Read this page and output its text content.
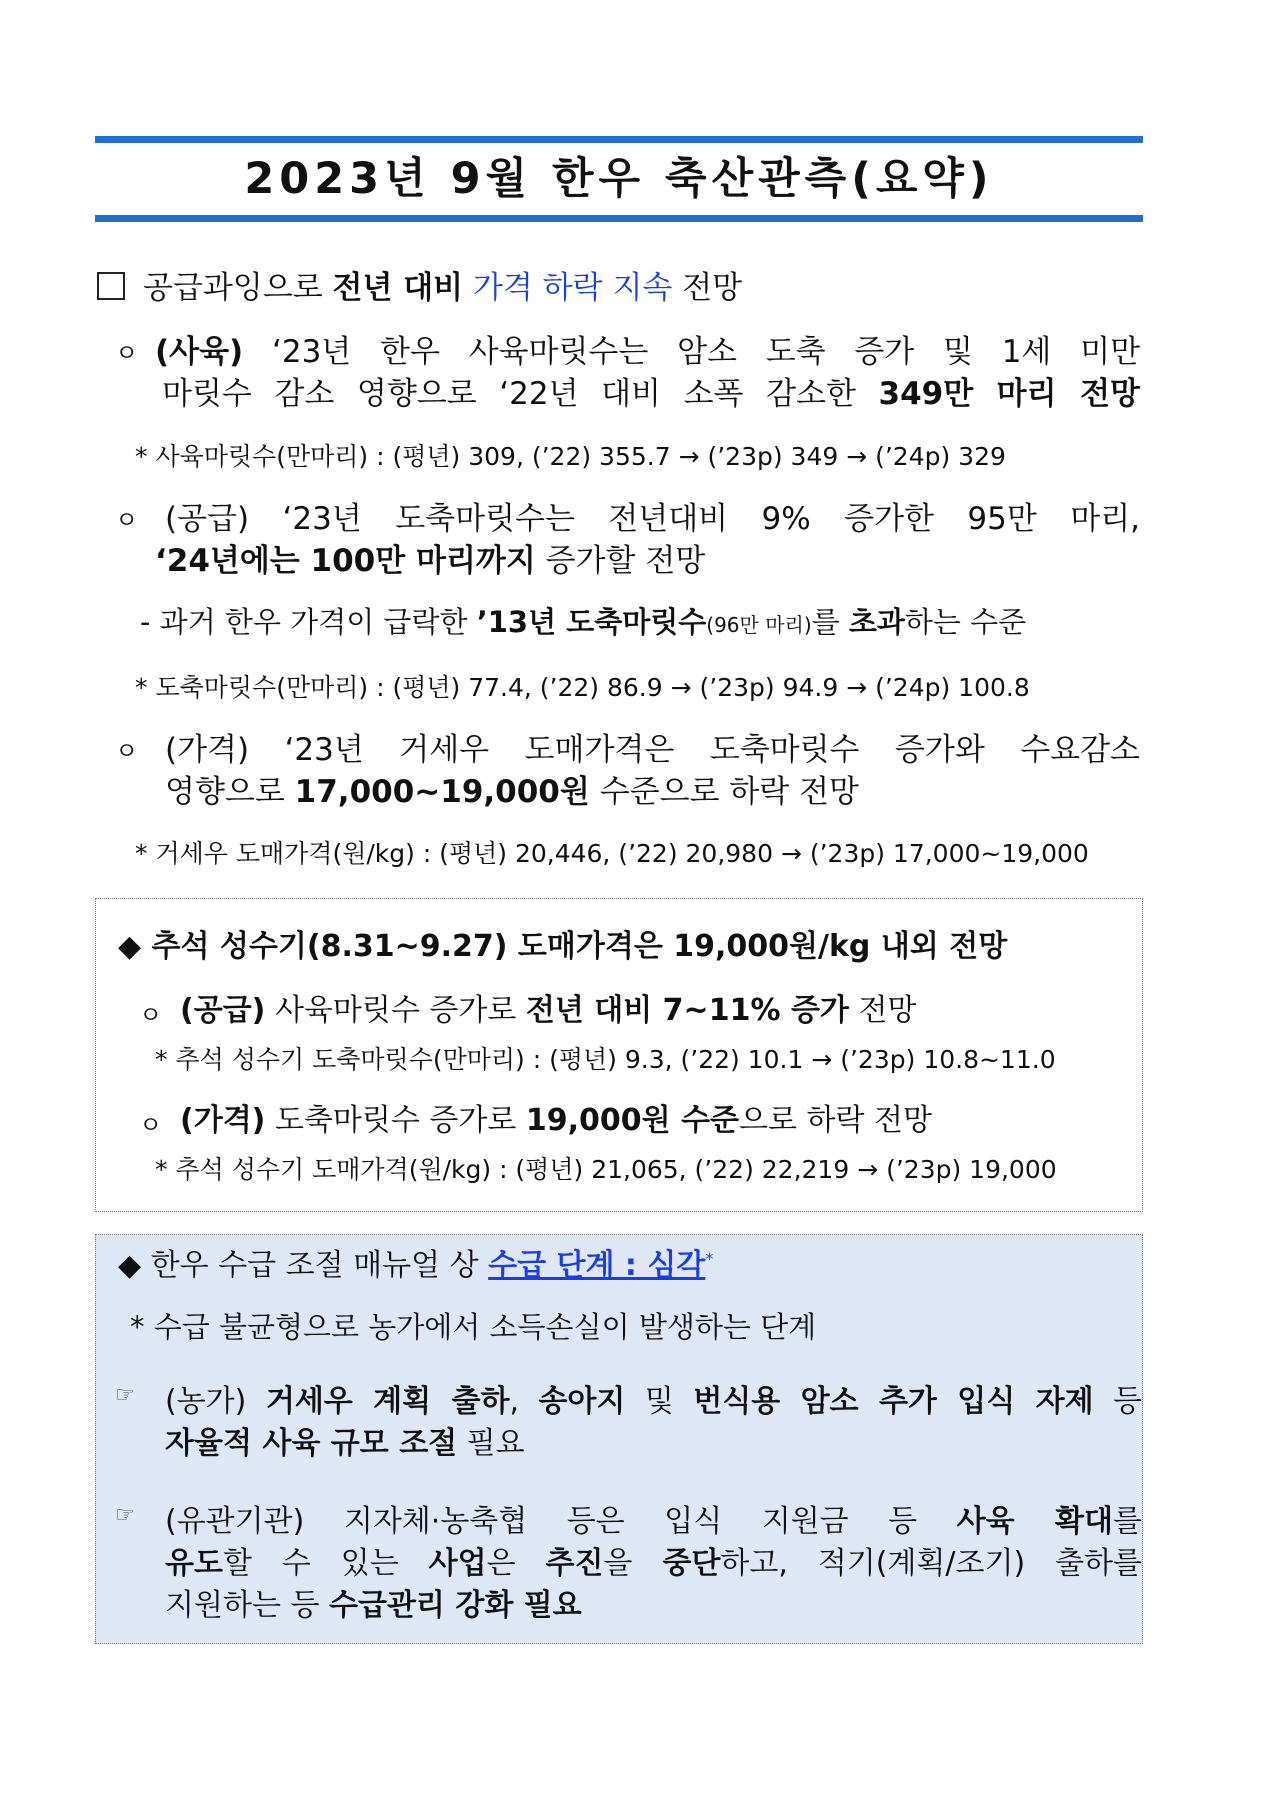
2023년 9월 한우 축산관측(요약)
공급과잉으로 전년 대비 가격 하락 지속 전망
ㅇ (사육) ‘23년 한우 사육마릿수는 암소 도축 증가 및 1세 미만
마릿수 감소 영향으로 ‘22년 대비 소폭 감소한 349만 마리 전망
* 사육마릿수(만마리) : (평년) 309, (’22) 355.7 → (’23p) 349 → (’24p) 329
ㅇ (공급) ‘23년 도축마릿수는 전년대비 9% 증가한 95만 마리,
‘24년에는 100만 마리까지 증가할 전망
- 과거 한우 가격이 급락한 ’13년 도축마릿수(96만 마리)를 초과하는 수준
* 도축마릿수(만마리) : (평년) 77.4, (’22) 86.9 → (’23p) 94.9 → (’24p) 100.8
ㅇ (가격) ‘23년 거세우 도매가격은 도축마릿수 증가와 수요감소
영향으로 17,000~19,000원 수준으로 하락 전망
* 거세우 도매가격(원/kg) : (평년) 20,446, (’22) 20,980 → (’23p) 17,000~19,000
◆ 추석 성수기(8.31~9.27) 도매가격은 19,000원/kg 내외 전망
ㅇ (공급) 사육마릿수 증가로 전년 대비 7~11% 증가 전망
* 추석 성수기 도축마릿수(만마리) : (평년) 9.3, (’22) 10.1 → (’23p) 10.8~11.0
ㅇ (가격) 도축마릿수 증가로 19,000원 수준으로 하락 전망
* 추석 성수기 도매가격(원/kg) : (평년) 21,065, (’22) 22,219 → (’23p) 19,000
◆ 한우 수급 조절 매뉴얼 상 수급 단계 : 심각*
* 수급 불균형으로 농가에서 소득손실이 발생하는 단계
☞ (농가) 거세우 계획 출하, 송아지 및 번식용 암소 추가 입식 자제 등
자율적 사육 규모 조절 필요
☞ (유관기관) 지자체·농축협 등은 입식 지원금 등 사육 확대를
유도할 수 있는 사업은 추진을 중단하고, 적기(계획/조기) 출하를
지원하는 등 수급관리 강화 필요
